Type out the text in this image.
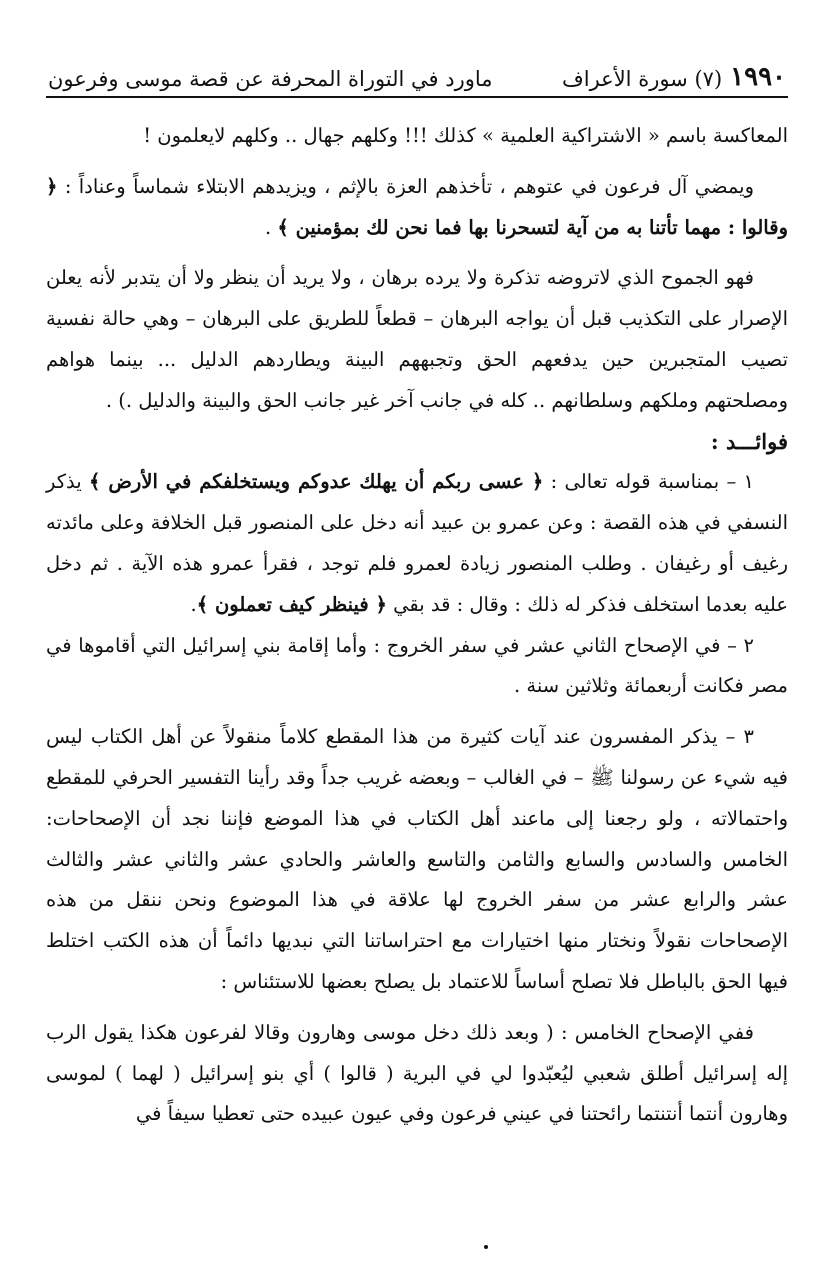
١٩٩٠
(٧) سورة الأعراف
ماورد في التوراة المحرفة عن قصة موسى وفرعون

المعاكسة باسم « الاشتراكية العلمية » كذلك !!! وكلهم جهال .. وكلهم لايعلمون !

ويمضي آل فرعون في عتوهم ، تأخذهم العزة بالإثم ، ويزيدهم الابتلاء شماساً وعناداً : ﴿ وقالوا : مهما تأتنا به من آية لتسحرنا بها فما نحن لك بمؤمنين ﴾ .

فهو الجموح الذي لاتروضه تذكرة ولا يرده برهان ، ولا يريد أن ينظر ولا أن يتدبر لأنه يعلن الإصرار على التكذيب قبل أن يواجه البرهان – قطعاً للطريق على البرهان – وهي حالة نفسية تصيب المتجبرين حين يدفعهم الحق وتجبههم البينة ويطاردهم الدليل ... بينما هواهم ومصلحتهم وملكهم وسلطانهم .. كله في جانب آخر غير جانب الحق والبينة والدليل .) .

فوائـــد :

١ – بمناسبة قوله تعالى : ﴿ عسى ربكم أن يهلك عدوكم ويستخلفكم في الأرض ﴾ يذكر النسفي في هذه القصة : وعن عمرو بن عبيد أنه دخل على المنصور قبل الخلافة وعلى مائدته رغيف أو رغيفان . وطلب المنصور زيادة لعمرو فلم توجد ، فقرأ عمرو هذه الآية . ثم دخل عليه بعدما استخلف فذكر له ذلك : وقال : قد بقي ﴿ فينظر كيف تعملون ﴾.

٢ – في الإصحاح الثاني عشر في سفر الخروج : وأما إقامة بني إسرائيل التي أقاموها في مصر فكانت أربعمائة وثلاثين سنة .

٣ – يذكر المفسرون عند آيات كثيرة من هذا المقطع كلاماً منقولاً عن أهل الكتاب ليس فيه شيء عن رسولنا ﷺ – في الغالب – وبعضه غريب جداً وقد رأينا التفسير الحرفي للمقطع واحتمالاته ، ولو رجعنا إلى ماعند أهل الكتاب في هذا الموضع فإننا نجد أن الإصحاحات: الخامس والسادس والسابع والثامن والتاسع والعاشر والحادي عشر والثاني عشر والثالث عشر والرابع عشر من سفر الخروج لها علاقة في هذا الموضوع ونحن ننقل من هذه الإصحاحات نقولاً ونختار منها اختيارات مع احتراساتنا التي نبديها دائماً أن هذه الكتب اختلط فيها الحق بالباطل فلا تصلح أساساً للاعتماد بل يصلح بعضها للاستئناس :

ففي الإصحاح الخامس : ( وبعد ذلك دخل موسى وهارون وقالا لفرعون هكذا يقول الرب إله إسرائيل أطلق شعبي ليُعبّدوا لي في البرية ( قالوا ) أي بنو إسرائيل ( لهما ) لموسى وهارون أنتما أنتنتما رائحتنا في عيني فرعون وفي عيون عبيده حتى تعطيا سيفاً في
